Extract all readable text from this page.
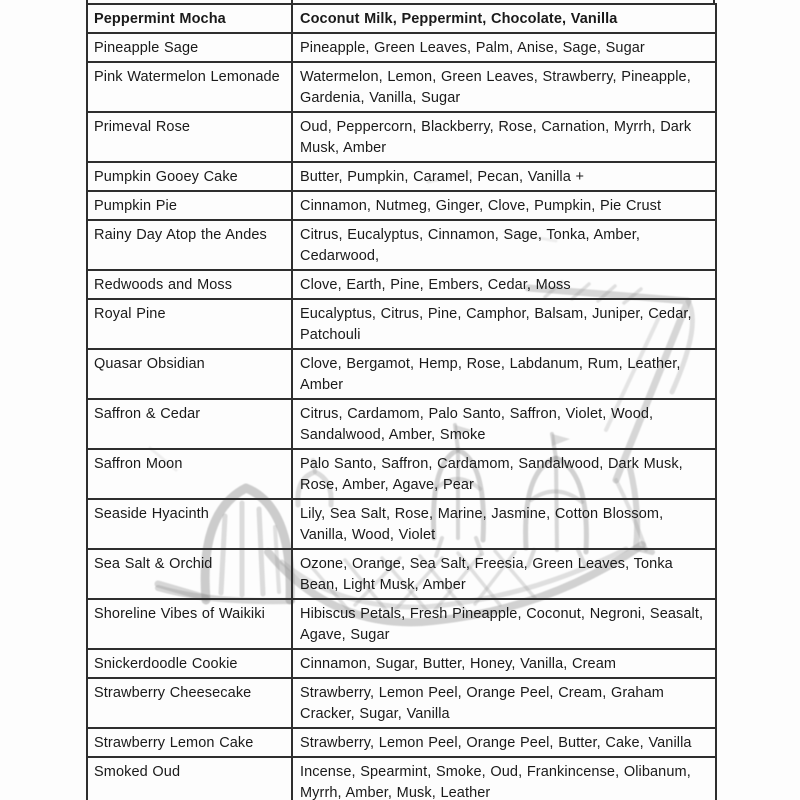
Peppermint Mocha	Coconut Milk, Peppermint, Chocolate, Vanilla
Pineapple Sage	Pineapple, Green Leaves, Palm, Anise, Sage, Sugar
Pink Watermelon Lemonade	Watermelon, Lemon, Green Leaves, Strawberry, Pineapple, Gardenia, Vanilla, Sugar
Primeval Rose	Oud, Peppercorn, Blackberry, Rose, Carnation, Myrrh, Dark Musk, Amber
Pumpkin Gooey Cake	Butter, Pumpkin, Caramel, Pecan, Vanilla +
Pumpkin Pie	Cinnamon, Nutmeg, Ginger, Clove, Pumpkin, Pie Crust
Rainy Day Atop the Andes	Citrus, Eucalyptus, Cinnamon, Sage, Tonka, Amber, Cedarwood,
Redwoods and Moss	Clove, Earth, Pine, Embers, Cedar, Moss
Royal Pine	Eucalyptus, Citrus, Pine, Camphor, Balsam, Juniper, Cedar, Patchouli
Quasar Obsidian	Clove, Bergamot, Hemp, Rose, Labdanum, Rum, Leather, Amber
Saffron & Cedar	Citrus, Cardamom, Palo Santo, Saffron, Violet, Wood, Sandalwood, Amber, Smoke
Saffron Moon	Palo Santo, Saffron, Cardamom, Sandalwood, Dark Musk, Rose, Amber, Agave, Pear
Seaside Hyacinth	Lily, Sea Salt, Rose, Marine, Jasmine, Cotton Blossom, Vanilla, Wood, Violet
Sea Salt & Orchid	Ozone, Orange, Sea Salt, Freesia, Green Leaves, Tonka Bean, Light Musk, Amber
Shoreline Vibes of Waikiki	Hibiscus Petals, Fresh Pineapple, Coconut, Negroni, Seasalt, Agave, Sugar
Snickerdoodle Cookie	Cinnamon, Sugar, Butter, Honey, Vanilla, Cream
Strawberry Cheesecake	Strawberry, Lemon Peel, Orange Peel, Cream, Graham Cracker, Sugar, Vanilla
Strawberry Lemon Cake	Strawberry, Lemon Peel, Orange Peel, Butter, Cake, Vanilla
Smoked Oud	Incense, Spearmint, Smoke, Oud, Frankincense, Olibanum, Myrrh, Amber, Musk, Leather
